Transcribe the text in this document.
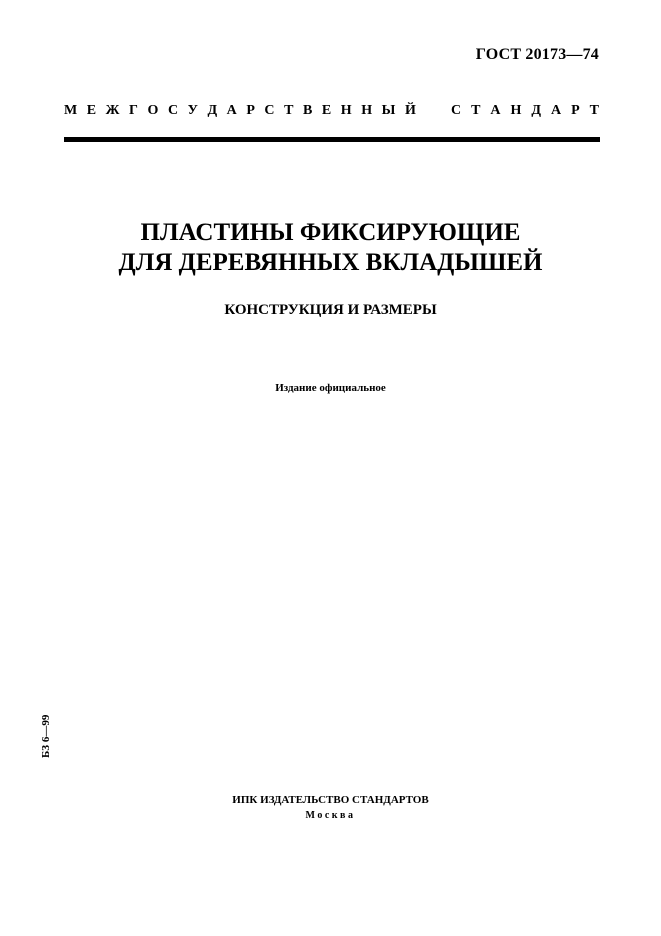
ГОСТ 20173—74
М Е Ж Г О С У Д А Р С Т В Е Н Н Ы Й	С Т А Н Д А Р Т
ПЛАСТИНЫ ФИКСИРУЮЩИЕ
ДЛЯ ДЕРЕВЯННЫХ ВКЛАДЫШЕЙ
КОНСТРУКЦИЯ И РАЗМЕРЫ
Издание официальное
БЗ 6—99
ИПК ИЗДАТЕЛЬСТВО СТАНДАРТОВ
Москва
